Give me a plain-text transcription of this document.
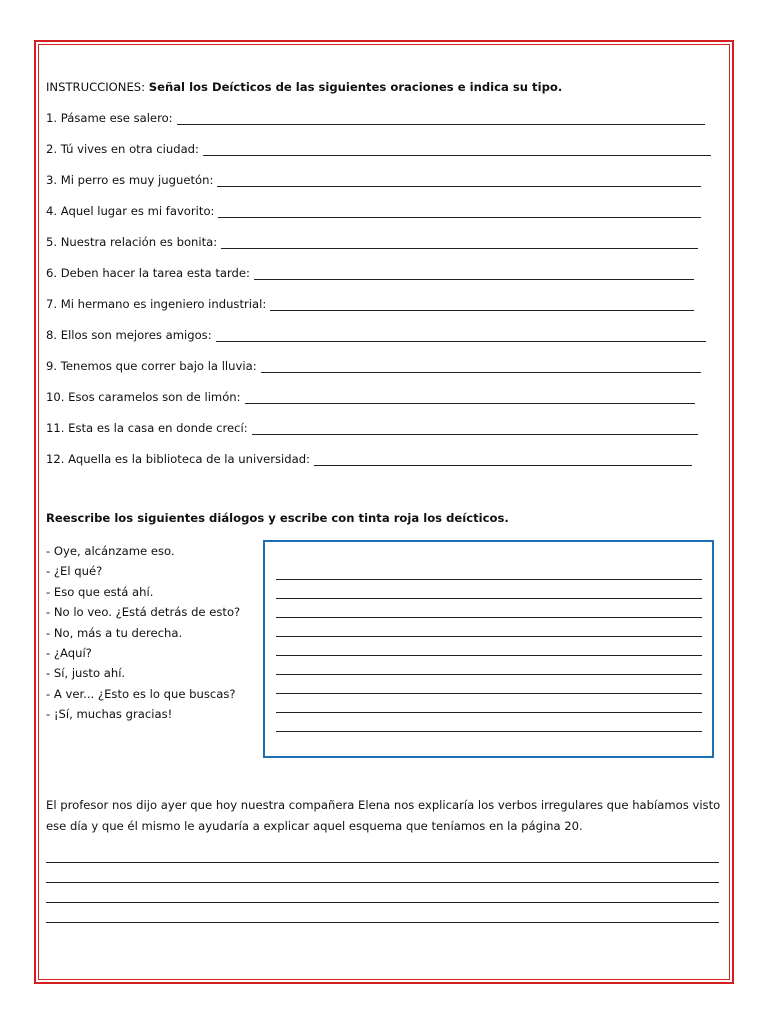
INSTRUCCIONES: Señal los Deícticos de las siguientes oraciones e indica su tipo.
1. Pásame ese salero:
2. Tú vives en otra ciudad:
3. Mi perro es muy juguetón:
4. Aquel lugar es mi favorito:
5. Nuestra relación es bonita:
6. Deben hacer la tarea esta tarde:
7. Mi hermano es ingeniero industrial:
8. Ellos son mejores amigos:
9. Tenemos que correr bajo la lluvia:
10. Esos caramelos son de limón:
11. Esta es la casa en donde crecí:
12. Aquella es la biblioteca de la universidad:
Reescribe los siguientes diálogos y escribe con tinta roja los deícticos.
- Oye, alcánzame eso.
- ¿El qué?
- Eso que está ahí.
- No lo veo. ¿Está detrás de esto?
- No, más a tu derecha.
- ¿Aquí?
- Sí, justo ahí.
- A ver... ¿Esto es lo que buscas?
- ¡Sí, muchas gracias!
El profesor nos dijo ayer que hoy nuestra compañera Elena nos explicaría los verbos irregulares que habíamos visto ese día y que él mismo le ayudaría a explicar aquel esquema que teníamos en la página 20.
